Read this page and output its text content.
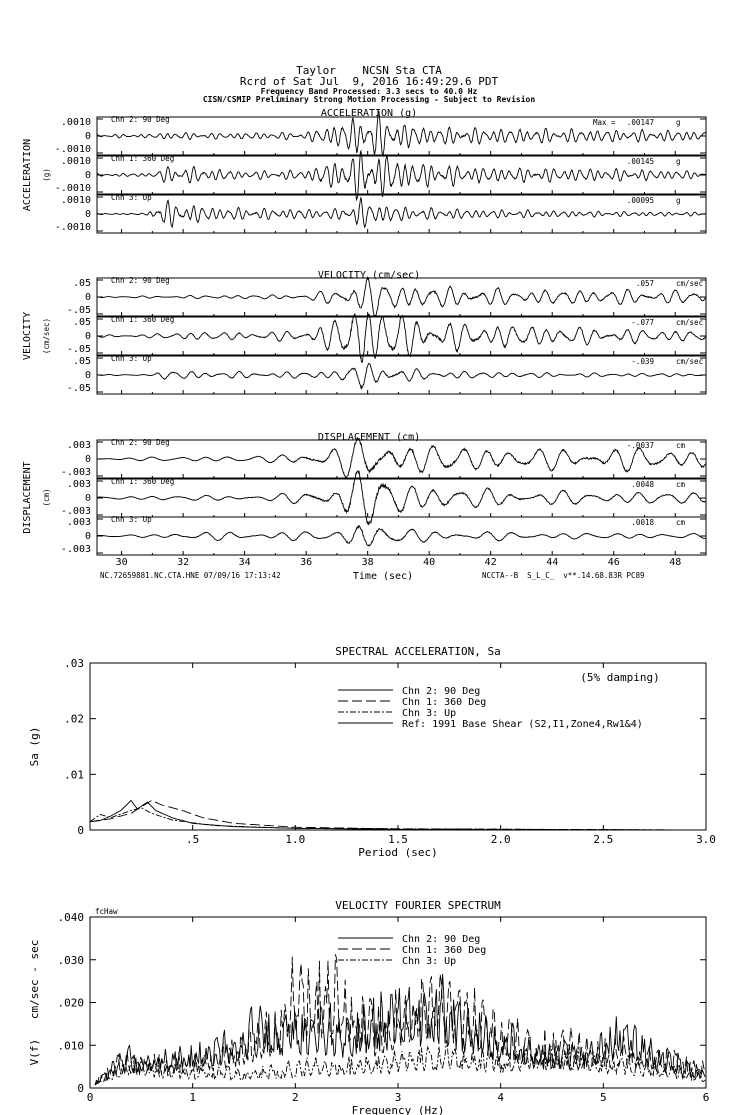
Taylor    NCSN Sta CTA
Rcrd of Sat Jul  9, 2016 16:49:29.6 PDT
Frequency Band Processed: 3.3 secs to 40.0 Hz
CISN/CSMIP Preliminary Strong Motion Processing - Subject to Revision
NC.72659881.NC.CTA.HNE 07/09/16 17:13:42	NCCTA--B  S_L_C_  v**.14.68.83R PC89
ACCELERATION (g)
ACCELERATION (g)
.0010
0
-.0010
Chn 2: 90 Deg	Max = .00147	g
.0010
0
-.0010
Chn 1: 360 Deg	.00145	g
.0010
0
-.0010
Chn 3: Up	.00095	g
VELOCITY (cm/sec)
VELOCITY (cm/sec)
.05
0
-.05
Chn 2: 90 Deg	.057	cm/sec
.05
0
-.05
Chn 1: 360 Deg	-.077	cm/sec
.05
0
-.05
Chn 3: Up	-.039	cm/sec
DISPLACEMENT (cm)
DISPLACEMENT (cm)
.003
0
-.003
Chn 2: 90 Deg	-.0037	cm
.003
0
-.003
Chn 1: 360 Deg	.0048	cm
.003
0
-.003
Chn 3: Up	.0018	cm
30	32	34	36	38	40	42	44	46	48
Time (sec)
SPECTRAL ACCELERATION, Sa
0
.01
.02
.03
.5	1.0	1.5	2.0	2.5	3.0
Period (sec)
Sa (g)
Chn 2: 90 Deg
Chn 1: 360 Deg
Chn 3: Up
Ref: 1991 Base Shear (S2,I1,Zone4,Rw1&4)
(5% damping)
VELOCITY FOURIER SPECTRUM
0
.010
.020
.030
.040
0	1	2	3	4	5	6
Frequency (Hz)
V(f)   cm/sec - sec
Chn 2: 90 Deg
Chn 1: 360 Deg
Chn 3: Up
fcHaw
